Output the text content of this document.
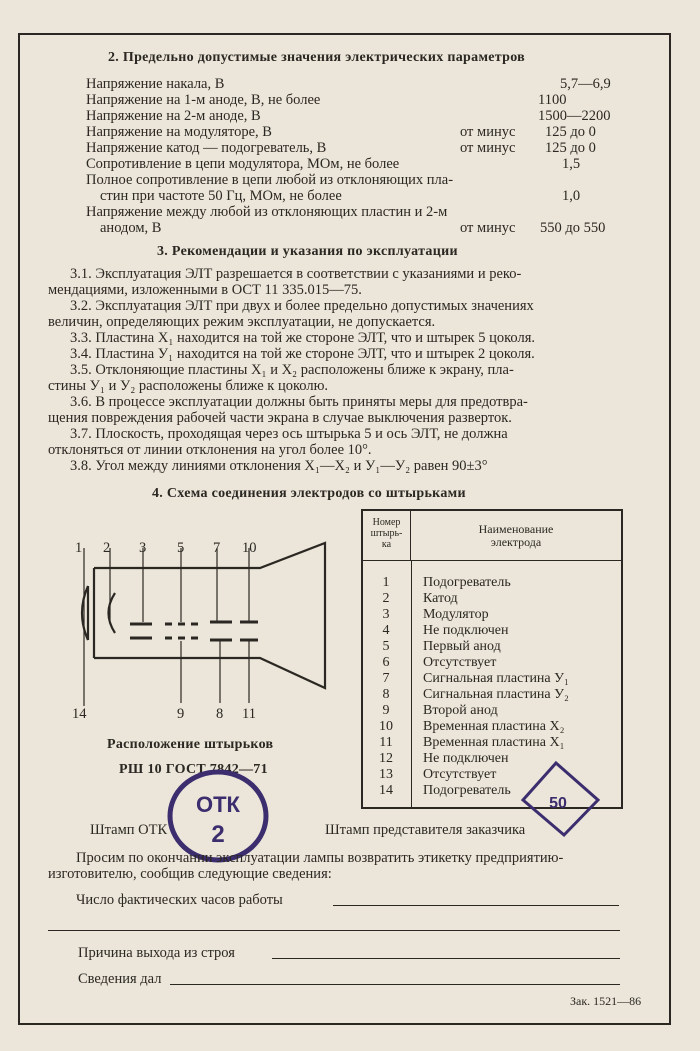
2. Предельно допустимые значения электрических параметров
Напряжение накала, В	5,7—6,9
Напряжение на 1-м аноде, В, не более	1100
Напряжение на 2-м аноде, В	1500—2200
Напряжение на модуляторе, В	от минус 125 до 0
Напряжение катод — подогреватель, В	от минус 125 до 0
Сопротивление в цепи модулятора, МОм, не более	1,5
Полное сопротивление в цепи любой из отклоняющих пла-
стин при частоте 50 Гц, МОм, не более	1,0
Напряжение между любой из отклоняющих пластин и 2-м
анодом, В	от минус 550 до 550
3. Рекомендации и указания по эксплуатации
3.1. Эксплуатация ЭЛТ разрешается в соответствии с указаниями и реко-
мендациями, изложенными в ОСТ 11 335.015—75.
3.2. Эксплуатация ЭЛТ при двух и более предельно допустимых значениях
величин, определяющих режим эксплуатации, не допускается.
3.3. Пластина X₁ находится на той же стороне ЭЛТ, что и штырек 5 цоколя.
3.4. Пластина У₁ находится на той же стороне ЭЛТ, что и штырек 2 цоколя.
3.5. Отклоняющие пластины X₁ и X₂ расположены ближе к экрану, пла-
стины У₁ и У₂ расположены ближе к цоколю.
3.6. В процессе эксплуатации должны быть приняты меры для предотвра-
щения повреждения рабочей части экрана в случае выключения разверток.
3.7. Плоскость, проходящая через ось штырька 5 и ось ЭЛТ, не должна
отклоняться от линии отклонения на угол более 10°.
3.8. Угол между линиями отклонения X₁—X₂ и У₁—У₂ равен 90±3°
4. Схема соединения электродов со штырьками
1 2 3 5 7 10
14	9 8 11
Расположение штырьков
РШ 10 ГОСТ 7842—71
Номер
штырь-
ка
Наименование
электрода
1	Подогреватель
2	Катод
3	Модулятор
4	Не подключен
5	Первый анод
6	Отсутствует
7	Сигнальная пластина У₁
8	Сигнальная пластина У₂
9	Второй анод
10	Временная пластина X₂
11	Временная пластина X₁
12	Не подключен
13	Отсутствует
14	Подогреватель
ОТК
2
50
Штамп ОТК	Штамп представителя заказчика
Просим по окончании эксплуатации лампы возвратить этикетку предприятию-
изготовителю, сообщив следующие сведения:
Число фактических часов работы
Причина выхода из строя
Сведения дал
Зак. 1521—86
